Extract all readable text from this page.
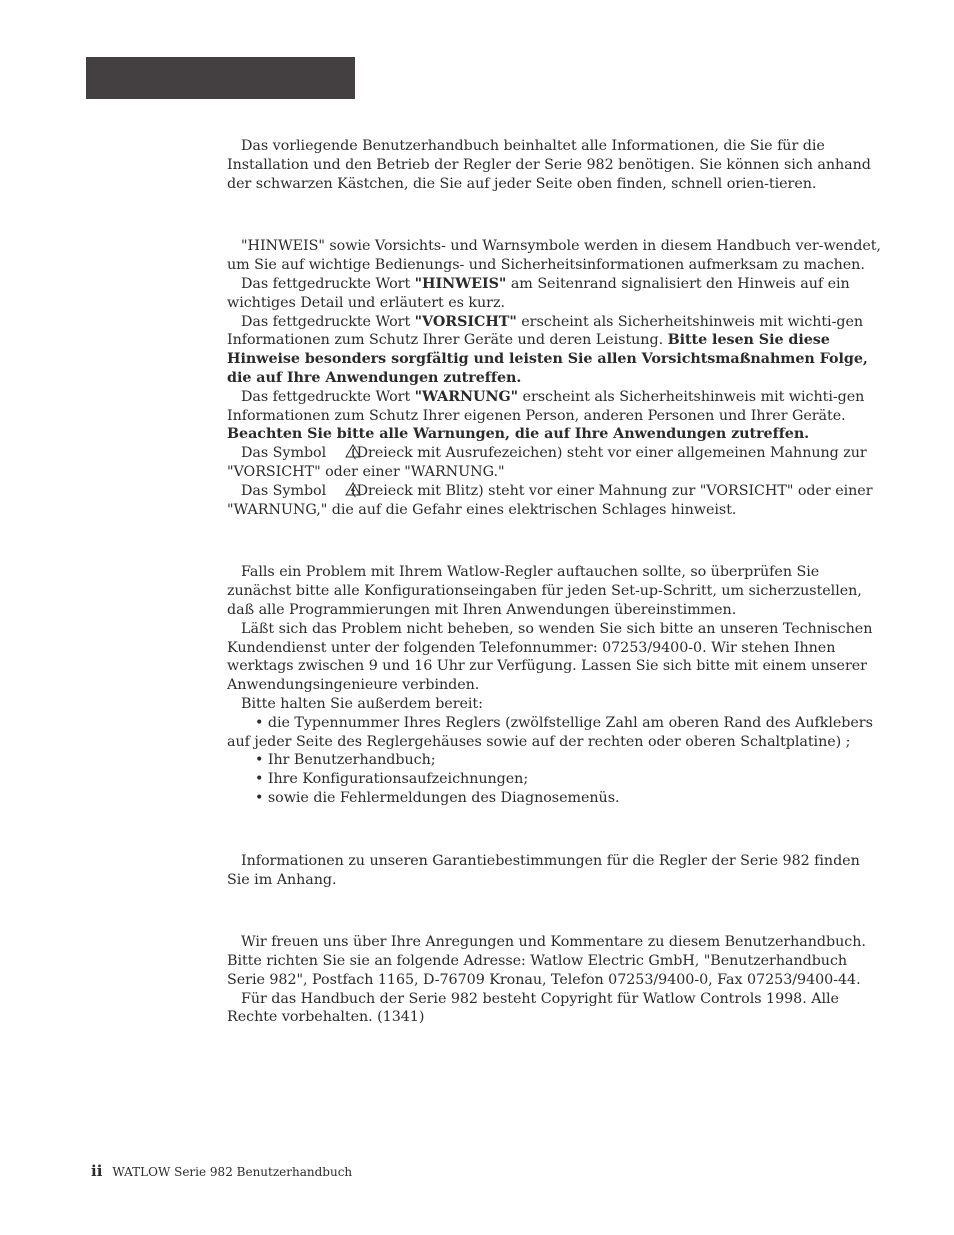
Das vorliegende Benutzerhandbuch beinhaltet alle Informationen, die Sie für die Installation und den Betrieb der Regler der Serie 982 benötigen. Sie können sich anhand der schwarzen Kästchen, die Sie auf jeder Seite oben finden, schnell orien-tieren.

"HINWEIS" sowie Vorsichts- und Warnsymbole werden in diesem Handbuch ver-wendet, um Sie auf wichtige Bedienungs- und Sicherheitsinformationen aufmerksam zu machen.

Das fettgedruckte Wort "HINWEIS" am Seitenrand signalisiert den Hinweis auf ein wichtiges Detail und erläutert es kurz.

Das fettgedruckte Wort "VORSICHT" erscheint als Sicherheitshinweis mit wichti-gen Informationen zum Schutz Ihrer Geräte und deren Leistung. Bitte lesen Sie diese Hinweise besonders sorgfältig und leisten Sie allen Vorsichtsmaßnahmen Folge, die auf Ihre Anwendungen zutreffen.

Das fettgedruckte Wort "WARNUNG" erscheint als Sicherheitshinweis mit wichti-gen Informationen zum Schutz Ihrer eigenen Person, anderen Personen und Ihrer Geräte. Beachten Sie bitte alle Warnungen, die auf Ihre Anwendungen zutreffen.

Das Symbol  (Dreieck mit Ausrufezeichen) steht vor einer allgemeinen Mahnung zur "VORSICHT" oder einer "WARNUNG."

Das Symbol  (Dreieck mit Blitz) steht vor einer Mahnung zur "VORSICHT" oder einer "WARNUNG," die auf die Gefahr eines elektrischen Schlages hinweist.

Falls ein Problem mit Ihrem Watlow-Regler auftauchen sollte, so überprüfen Sie zunächst bitte alle Konfigurationseingaben für jeden Set-up-Schritt, um sicherzustellen, daß alle Programmierungen mit Ihren Anwendungen übereinstimmen.

Läßt sich das Problem nicht beheben, so wenden Sie sich bitte an unseren Technischen Kundendienst unter der folgenden Telefonnummer: 07253/9400-0. Wir stehen Ihnen werktags zwischen 9 und 16 Uhr zur Verfügung. Lassen Sie sich bitte mit einem unserer Anwendungsingenieure verbinden.

Bitte halten Sie außerdem bereit:

• die Typennummer Ihres Reglers (zwölfstellige Zahl am oberen Rand des Aufklebers auf jeder Seite des Reglergehäuses sowie auf der rechten oder oberen Schaltplatine) ;

• Ihr Benutzerhandbuch;

• Ihre Konfigurationsaufzeichnungen;

• sowie die Fehlermeldungen des Diagnosemenüs.

Informationen zu unseren Garantiebestimmungen für die Regler der Serie 982 finden Sie im Anhang.

Wir freuen uns über Ihre Anregungen und Kommentare zu diesem Benutzerhandbuch. Bitte richten Sie sie an folgende Adresse: Watlow Electric GmbH, "Benutzerhandbuch Serie 982", Postfach 1165, D-76709 Kronau, Telefon 07253/9400-0, Fax 07253/9400-44.

Für das Handbuch der Serie 982 besteht Copyright für Watlow Controls 1998. Alle Rechte vorbehalten. (1341)

ii WATLOW Serie 982 Benutzerhandbuch
